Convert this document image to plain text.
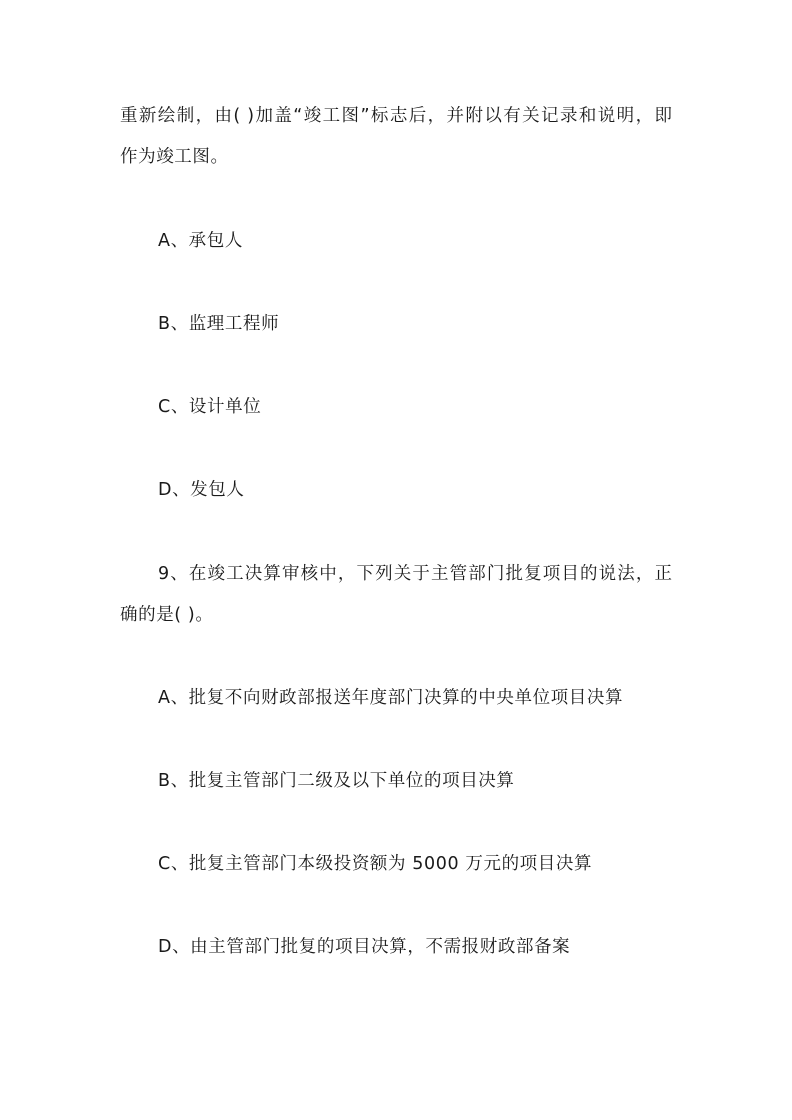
重新绘制，由( )加盖“竣工图”标志后，并附以有关记录和说明，即
作为竣工图。
A、承包人
B、监理工程师
C、设计单位
D、发包人
9、在竣工决算审核中，下列关于主管部门批复项目的说法，正
确的是( )。
A、批复不向财政部报送年度部门决算的中央单位项目决算
B、批复主管部门二级及以下单位的项目决算
C、批复主管部门本级投资额为 5000 万元的项目决算
D、由主管部门批复的项目决算，不需报财政部备案
